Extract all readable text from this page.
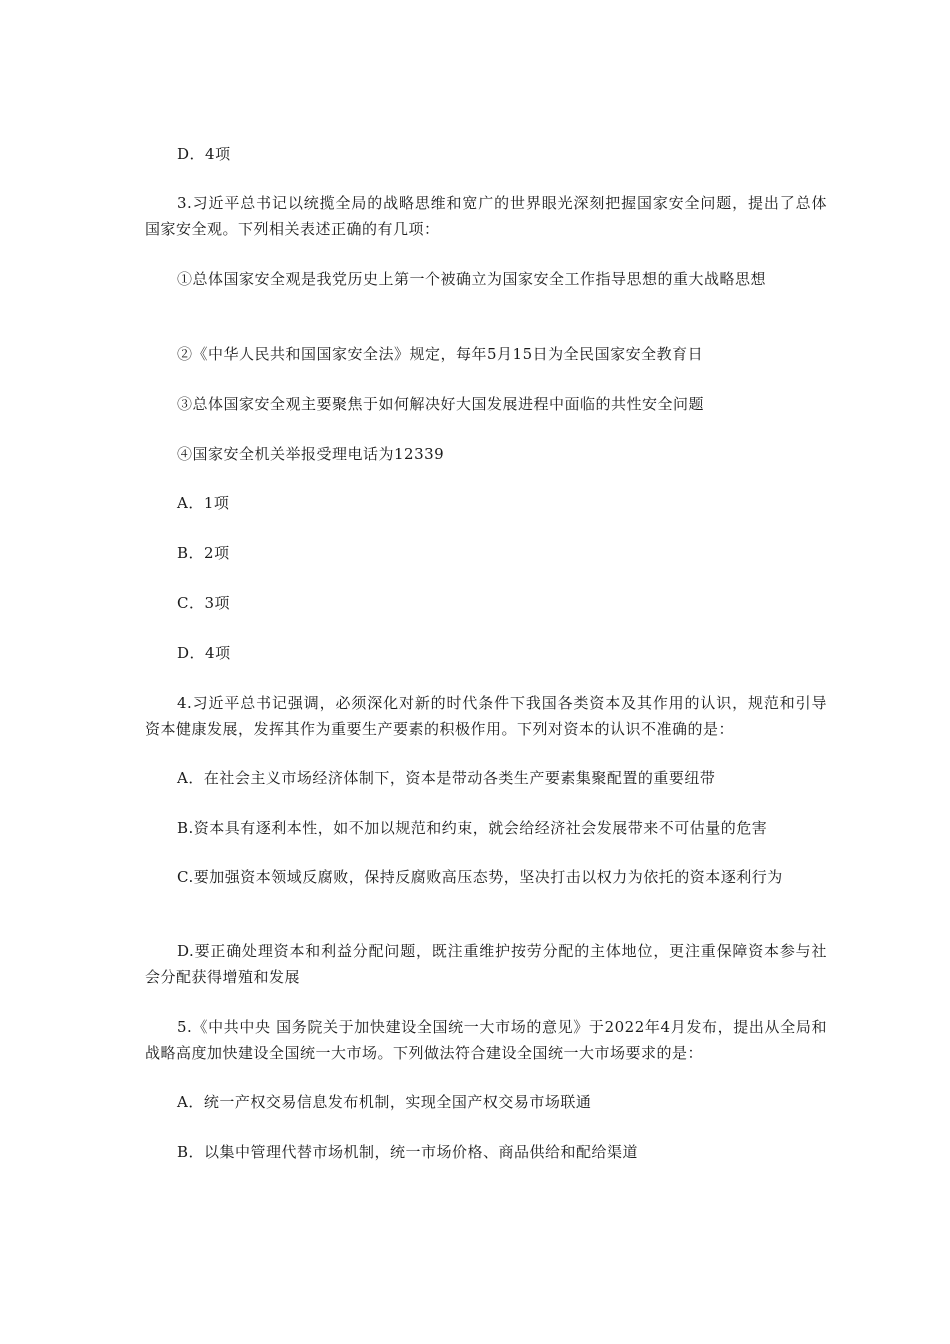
D．4项
3.习近平总书记以统揽全局的战略思维和宽广的世界眼光深刻把握国家安全问题，提出了总体国家安全观。下列相关表述正确的有几项：
①总体国家安全观是我党历史上第一个被确立为国家安全工作指导思想的重大战略思想
②《中华人民共和国国家安全法》规定，每年5月15日为全民国家安全教育日
③总体国家安全观主要聚焦于如何解决好大国发展进程中面临的共性安全问题
④国家安全机关举报受理电话为12339
A．1项
B．2项
C．3项
D．4项
4.习近平总书记强调，必须深化对新的时代条件下我国各类资本及其作用的认识，规范和引导资本健康发展，发挥其作为重要生产要素的积极作用。下列对资本的认识不准确的是：
A．在社会主义市场经济体制下，资本是带动各类生产要素集聚配置的重要纽带
B.资本具有逐利本性，如不加以规范和约束，就会给经济社会发展带来不可估量的危害
C.要加强资本领域反腐败，保持反腐败高压态势，坚决打击以权力为依托的资本逐利行为
D.要正确处理资本和利益分配问题，既注重维护按劳分配的主体地位，更注重保障资本参与社会分配获得增殖和发展
5.《中共中央 国务院关于加快建设全国统一大市场的意见》于2022年4月发布，提出从全局和战略高度加快建设全国统一大市场。下列做法符合建设全国统一大市场要求的是：
A．统一产权交易信息发布机制，实现全国产权交易市场联通
B．以集中管理代替市场机制，统一市场价格、商品供给和配给渠道
